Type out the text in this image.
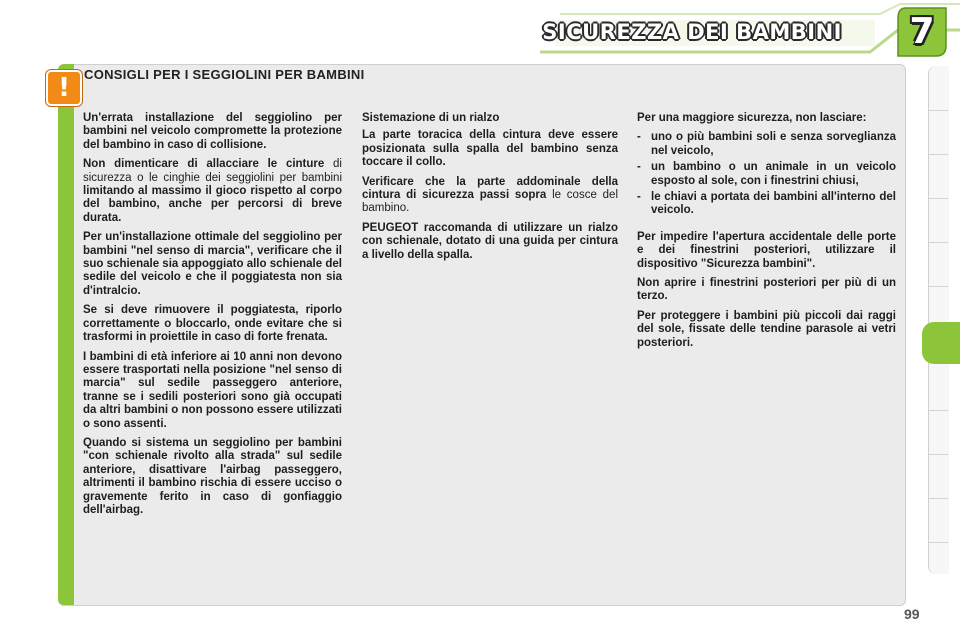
SICUREZZA DEI BAMBINI	7
!	CONSIGLI PER I SEGGIOLINI PER BAMBINI

Un'errata installazione del seggiolino per bambini nel veicolo compromette la protezione del bambino in caso di collisione.

Non dimenticare di allacciare le cinture di sicurezza o le cinghie dei seggiolini per bambini limitando al massimo il gioco rispetto al corpo del bambino, anche per percorsi di breve durata.

Per un'installazione ottimale del seggiolino per bambini "nel senso di marcia", verificare che il suo schienale sia appoggiato allo schienale del sedile del veicolo e che il poggiatesta non sia d'intralcio.

Se si deve rimuovere il poggiatesta, riporlo correttamente o bloccarlo, onde evitare che si trasformi in proiettile in caso di forte frenata.

I bambini di età inferiore ai 10 anni non devono essere trasportati nella posizione "nel senso di marcia" sul sedile passeggero anteriore, tranne se i sedili posteriori sono già occupati da altri bambini o non possono essere utilizzati o sono assenti.

Quando si sistema un seggiolino per bambini "con schienale rivolto alla strada" sul sedile anteriore, disattivare l'airbag passeggero, altrimenti il bambino rischia di essere ucciso o gravemente ferito in caso di gonfiaggio dell'airbag.

Sistemazione di un rialzo

La parte toracica della cintura deve essere posizionata sulla spalla del bambino senza toccare il collo.

Verificare che la parte addominale della cintura di sicurezza passi sopra le cosce del bambino.

PEUGEOT raccomanda di utilizzare un rialzo con schienale, dotato di una guida per cintura a livello della spalla.

Per una maggiore sicurezza, non lasciare:

- uno o più bambini soli e senza sorveglianza nel veicolo,
- un bambino o un animale in un veicolo esposto al sole, con i finestrini chiusi,
- le chiavi a portata dei bambini all'interno del veicolo.

Per impedire l'apertura accidentale delle porte e dei finestrini posteriori, utilizzare il dispositivo "Sicurezza bambini".

Non aprire i finestrini posteriori per più di un terzo.

Per proteggere i bambini più piccoli dai raggi del sole, fissate delle tendine parasole ai vetri posteriori.

99
